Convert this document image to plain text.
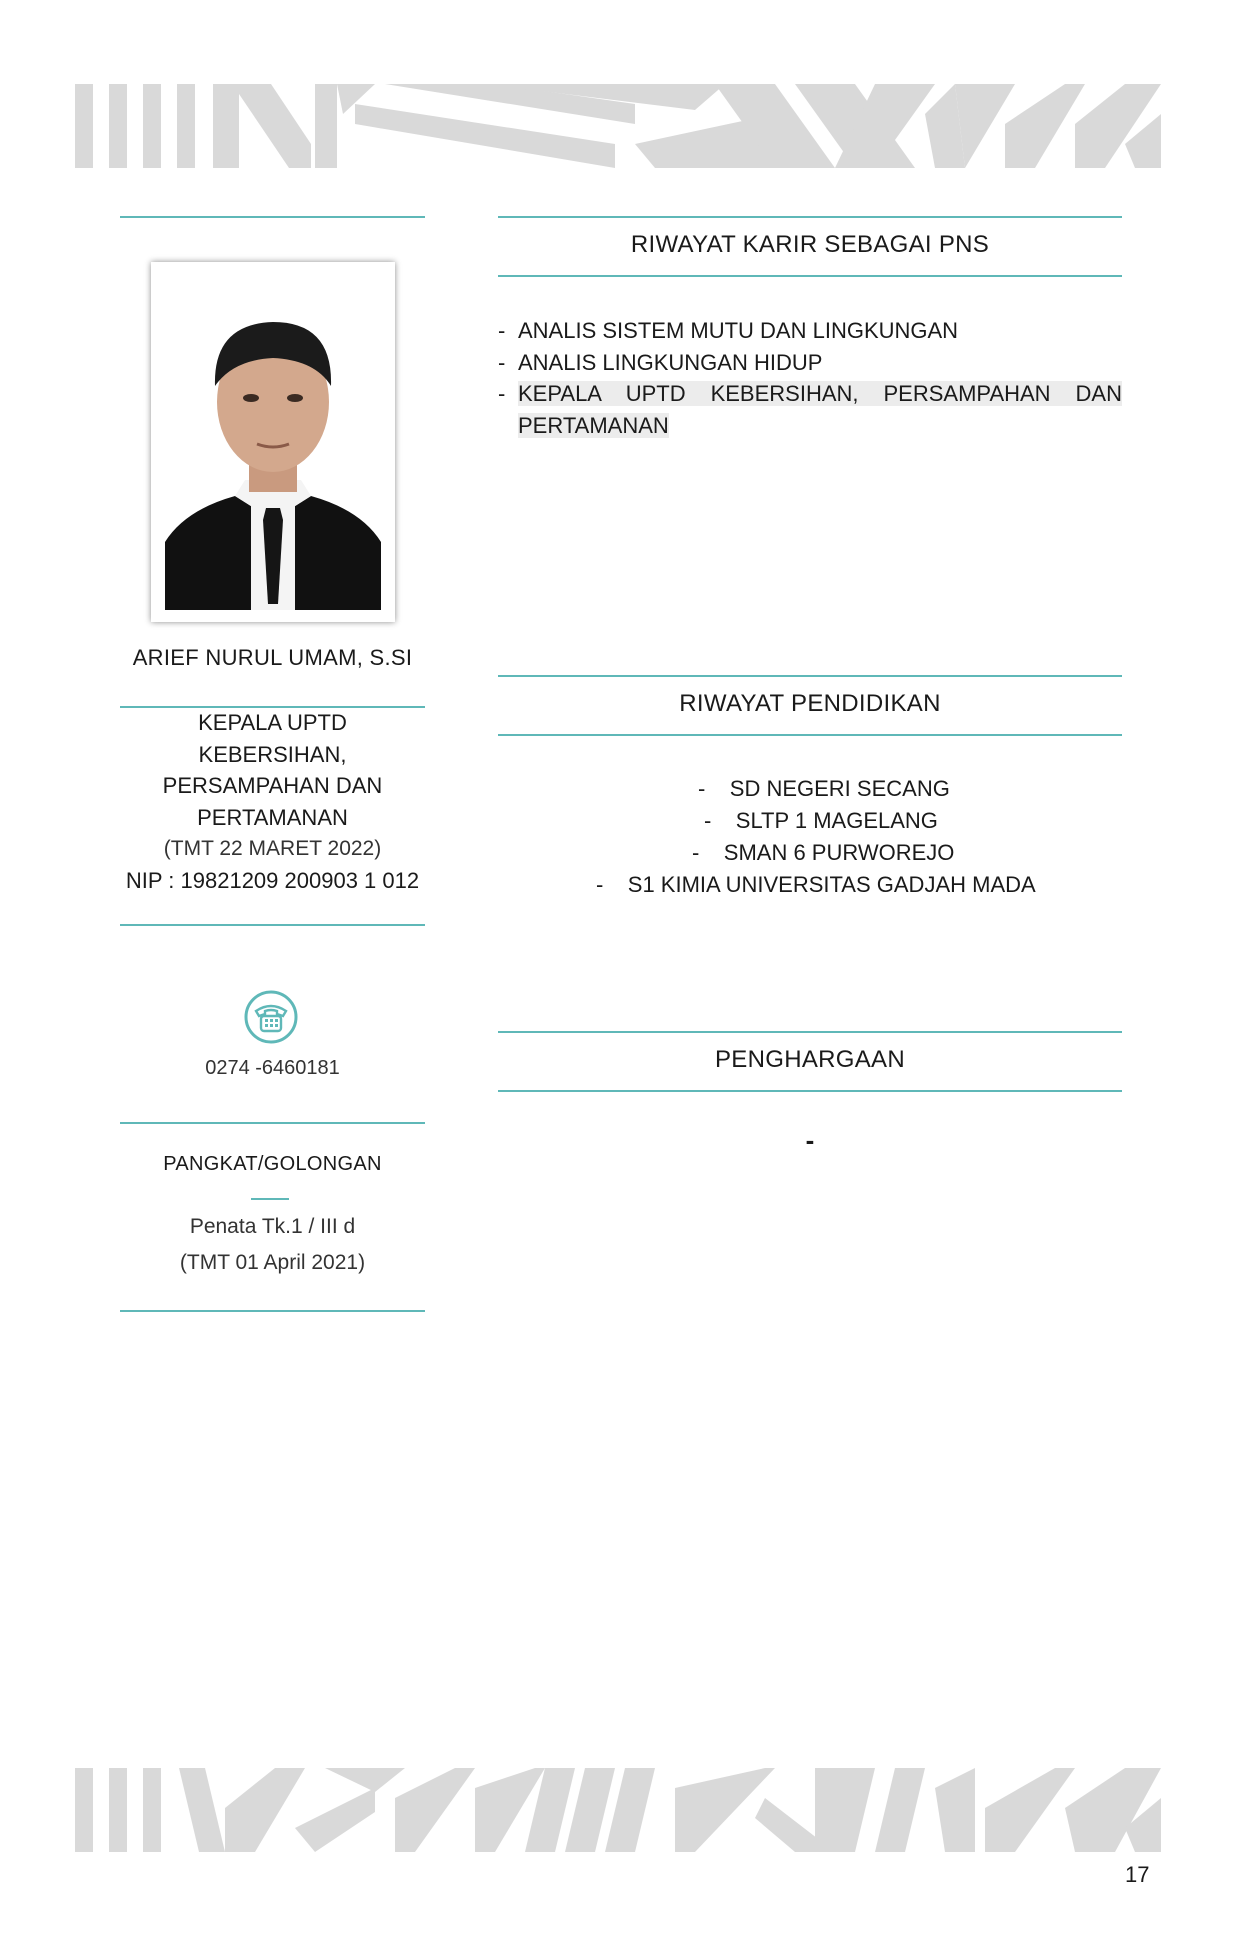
ARIEF NURUL UMAM, S.SI
KEPALA UPTD
KEBERSIHAN,
PERSAMPAHAN DAN
PERTAMANAN
(TMT 22 MARET 2022)
NIP : 19821209 200903 1 012
0274 -6460181
PANGKAT/GOLONGAN
Penata Tk.1 / III d
(TMT 01 April 2021)
RIWAYAT KARIR SEBAGAI PNS
- ANALIS SISTEM MUTU DAN LINGKUNGAN
- ANALIS LINGKUNGAN HIDUP
- KEPALA UPTD KEBERSIHAN, PERSAMPAHAN DAN PERTAMANAN
RIWAYAT PENDIDIKAN
-    SD NEGERI SECANG
-    SLTP 1 MAGELANG
-    SMAN 6 PURWOREJO
-    S1 KIMIA UNIVERSITAS GADJAH MADA
PENGHARGAAN
-
17
